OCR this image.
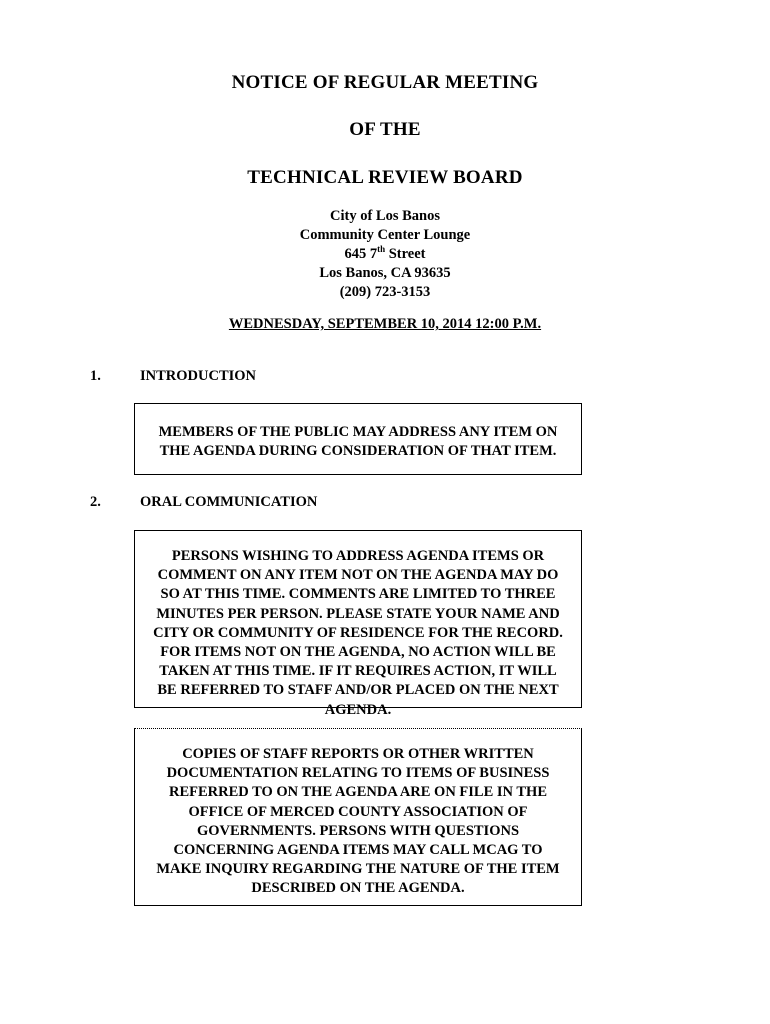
NOTICE OF REGULAR MEETING
OF THE
TECHNICAL REVIEW BOARD
City of Los Banos
Community Center Lounge
645 7th Street
Los Banos, CA 93635
(209) 723-3153
WEDNESDAY, SEPTEMBER 10, 2014 12:00 P.M.
1.	INTRODUCTION
MEMBERS OF THE PUBLIC MAY ADDRESS ANY ITEM ON
THE AGENDA DURING CONSIDERATION OF THAT ITEM.
2.	ORAL COMMUNICATION
PERSONS WISHING TO ADDRESS AGENDA ITEMS OR
COMMENT ON ANY ITEM NOT ON THE AGENDA MAY DO
SO AT THIS TIME. COMMENTS ARE LIMITED TO THREE
MINUTES PER PERSON. PLEASE STATE YOUR NAME AND
CITY OR COMMUNITY OF RESIDENCE FOR THE RECORD.
FOR ITEMS NOT ON THE AGENDA, NO ACTION WILL BE
TAKEN AT THIS TIME. IF IT REQUIRES ACTION, IT WILL
BE REFERRED TO STAFF AND/OR PLACED ON THE NEXT
AGENDA.
COPIES OF STAFF REPORTS OR OTHER WRITTEN
DOCUMENTATION RELATING TO ITEMS OF BUSINESS
REFERRED TO ON THE AGENDA ARE ON FILE IN THE
OFFICE OF MERCED COUNTY ASSOCIATION OF
GOVERNMENTS. PERSONS WITH QUESTIONS
CONCERNING AGENDA ITEMS MAY CALL MCAG TO
MAKE INQUIRY REGARDING THE NATURE OF THE ITEM
DESCRIBED ON THE AGENDA.
